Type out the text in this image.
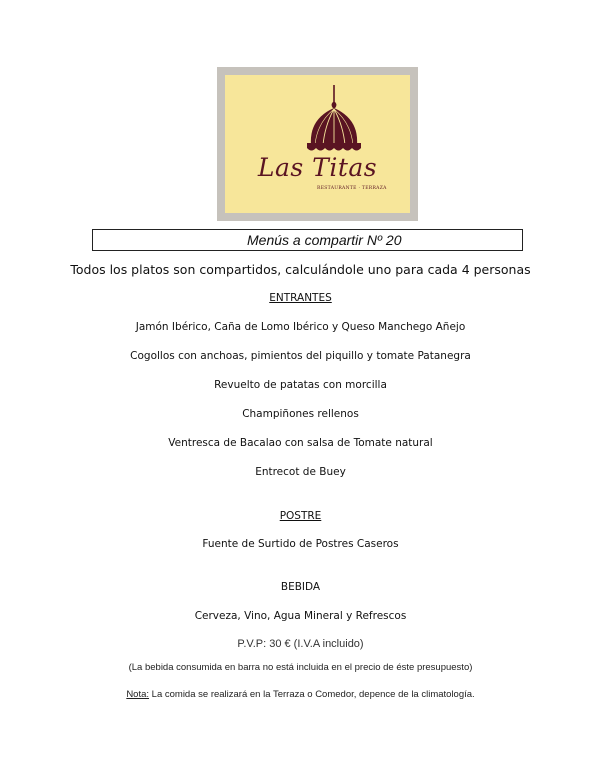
Las Titas
RESTAURANTE · TERRAZA
Menús a compartir Nº 20
Todos los platos son compartidos, calculándole uno para cada 4 personas
ENTRANTES
Jamón Ibérico, Caña de Lomo Ibérico y Queso Manchego Añejo
Cogollos con anchoas, pimientos del piquillo y tomate Patanegra
Revuelto de patatas con morcilla
Champiñones rellenos
Ventresca de Bacalao con salsa de Tomate natural
Entrecot de Buey
POSTRE
Fuente de Surtido de Postres Caseros
BEBIDA
Cerveza, Vino, Agua Mineral y Refrescos
P.V.P: 30 € (I.V.A incluido)
(La bebida consumida en barra no está incluida en el precio de éste presupuesto)
Nota: La comida se realizará en la Terraza o Comedor, depence de la climatología.
